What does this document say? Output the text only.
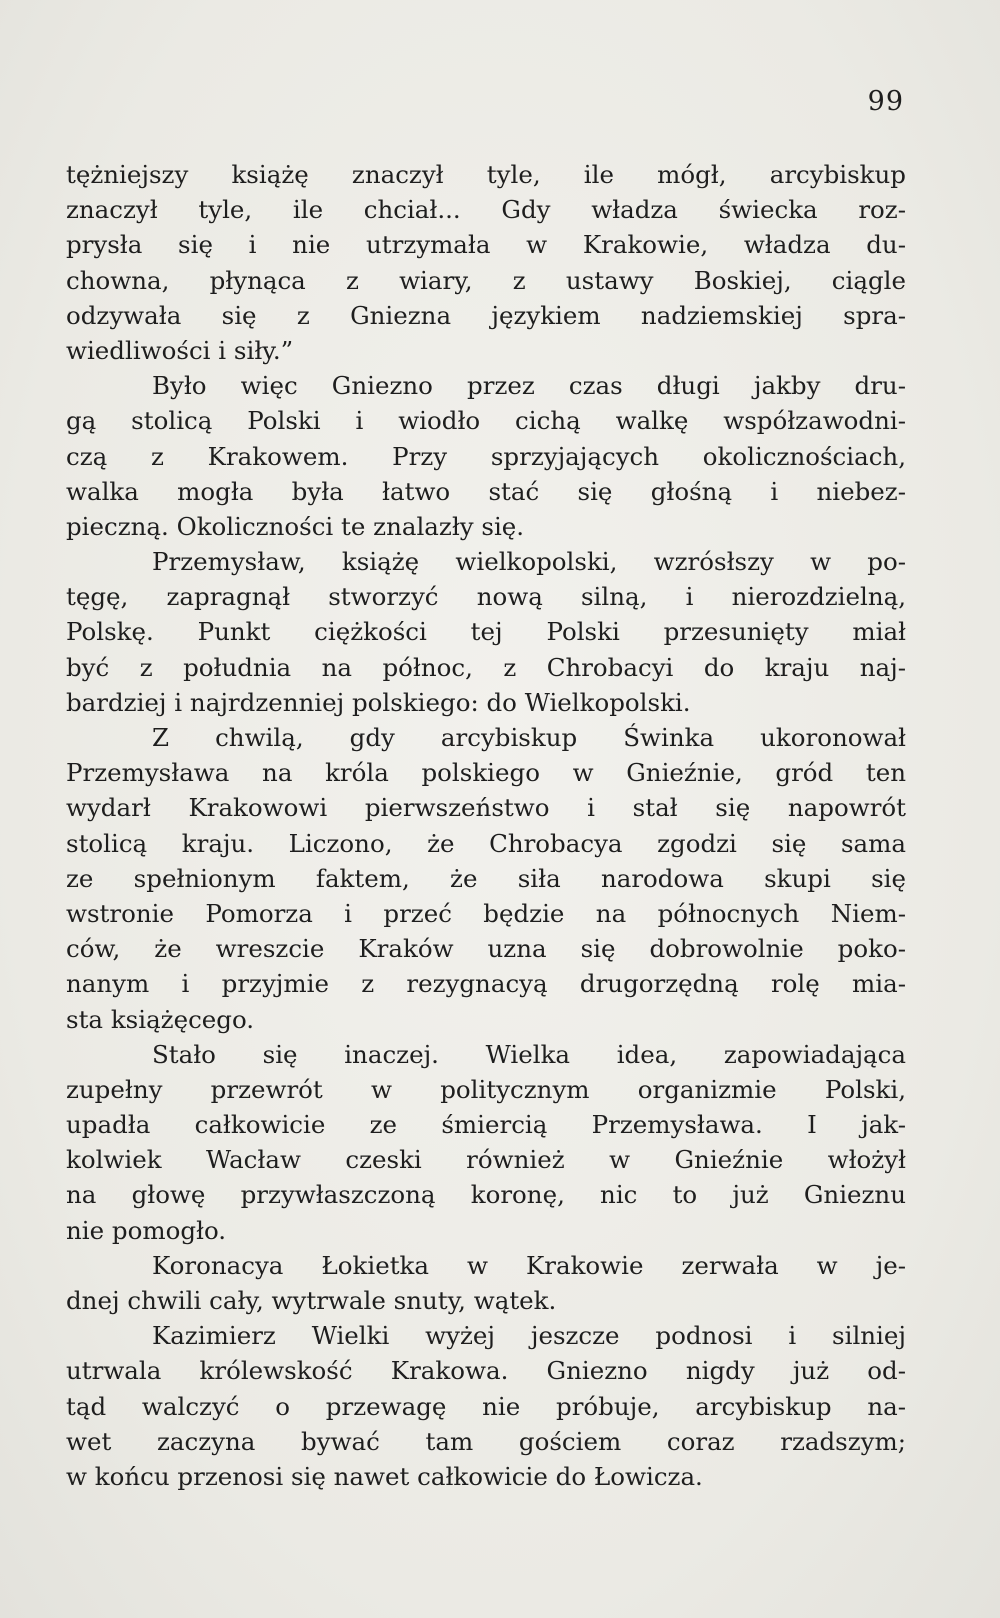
99
tężniejszy książę znaczył tyle, ile mógł, arcybiskup
znaczył tyle, ile chciał... Gdy władza świecka roz-
prysła się i nie utrzymała w Krakowie, władza du-
chowna, płynąca z wiary, z ustawy Boskiej, ciągle
odzywała się z Gniezna językiem nadziemskiej spra-
wiedliwości i siły.”
Było więc Gniezno przez czas długi jakby dru-
gą stolicą Polski i wiodło cichą walkę współzawodni-
czą z Krakowem. Przy sprzyjających okolicznościach,
walka mogła była łatwo stać się głośną i niebez-
pieczną. Okoliczności te znalazły się.
Przemysław, książę wielkopolski, wzrósłszy w po-
tęgę, zapragnął stworzyć nową silną, i nierozdzielną,
Polskę. Punkt ciężkości tej Polski przesunięty miał
być z południa na północ, z Chrobacyi do kraju naj-
bardziej i najrdzenniej polskiego: do Wielkopolski.
Z chwilą, gdy arcybiskup Świnka ukoronował
Przemysława na króla polskiego w Gnieźnie, gród ten
wydarł Krakowowi pierwszeństwo i stał się napowrót
stolicą kraju. Liczono, że Chrobacya zgodzi się sama
ze spełnionym faktem, że siła narodowa skupi się
wstronie Pomorza i przeć będzie na północnych Niem-
ców, że wreszcie Kraków uzna się dobrowolnie poko-
nanym i przyjmie z rezygnacyą drugorzędną rolę mia-
sta książęcego.
Stało się inaczej. Wielka idea, zapowiadająca
zupełny przewrót w politycznym organizmie Polski,
upadła całkowicie ze śmiercią Przemysława. I jak-
kolwiek Wacław czeski również w Gnieźnie włożył
na głowę przywłaszczoną koronę, nic to już Gnieznu
nie pomogło.
Koronacya Łokietka w Krakowie zerwała w je-
dnej chwili cały, wytrwale snuty, wątek.
Kazimierz Wielki wyżej jeszcze podnosi i silniej
utrwala królewskość Krakowa. Gniezno nigdy już od-
tąd walczyć o przewagę nie próbuje, arcybiskup na-
wet zaczyna bywać tam gościem coraz rzadszym;
w końcu przenosi się nawet całkowicie do Łowicza.
